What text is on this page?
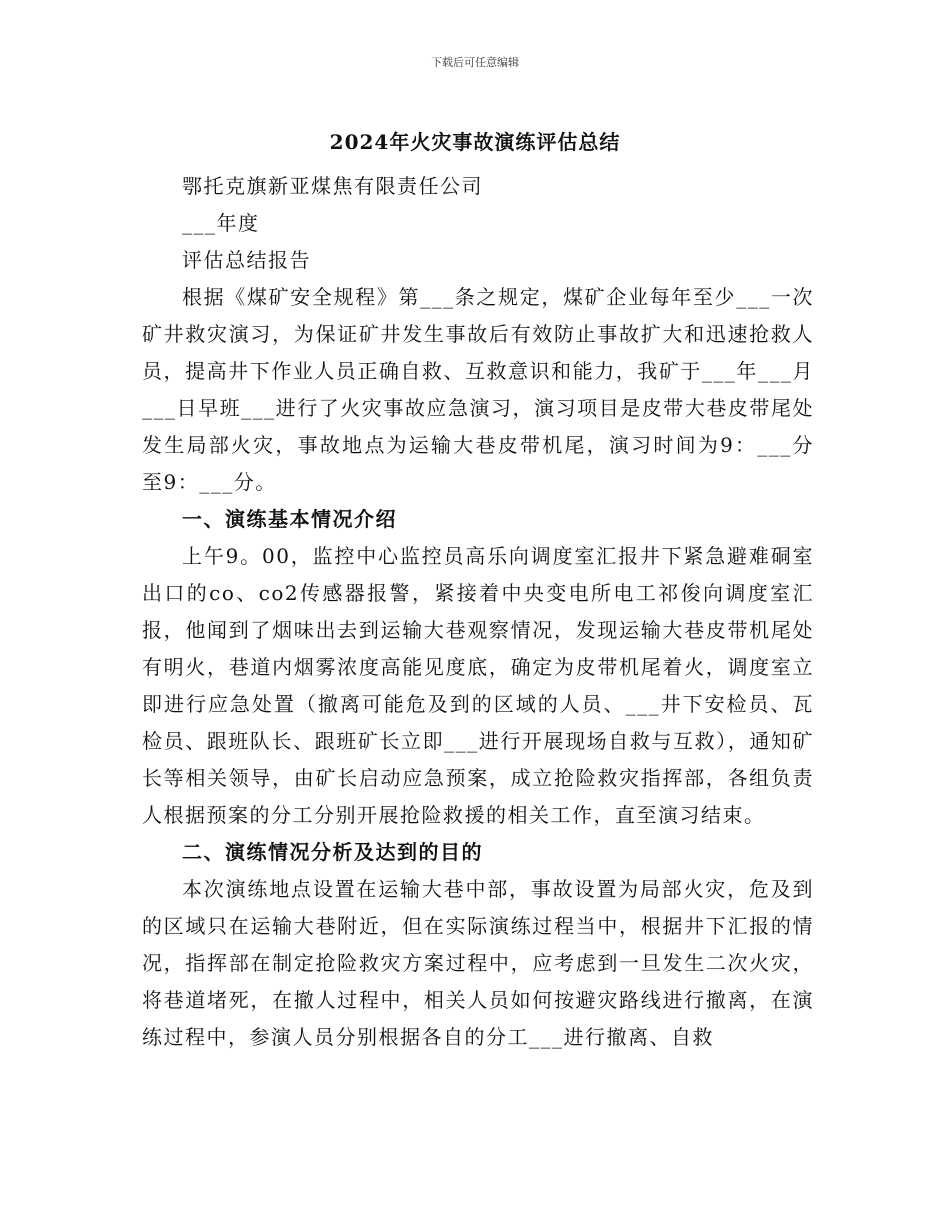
下载后可任意编辑
2024年火灾事故演练评估总结

鄂托克旗新亚煤焦有限责任公司

___年度

评估总结报告

根据《煤矿安全规程》第___条之规定，煤矿企业每年至少___一次矿井救灾演习，为保证矿井发生事故后有效防止事故扩大和迅速抢救人员，提高井下作业人员正确自救、互救意识和能力，我矿于___年___月___日早班___进行了火灾事故应急演习，演习项目是皮带大巷皮带尾处发生局部火灾，事故地点为运输大巷皮带机尾，演习时间为9：___分至9：___分。

一、演练基本情况介绍

上午9。00，监控中心监控员高乐向调度室汇报井下紧急避难硐室出口的co、co2传感器报警，紧接着中央变电所电工祁俊向调度室汇报，他闻到了烟味出去到运输大巷观察情况，发现运输大巷皮带机尾处有明火，巷道内烟雾浓度高能见度底，确定为皮带机尾着火，调度室立即进行应急处置（撤离可能危及到的区域的人员、___井下安检员、瓦检员、跟班队长、跟班矿长立即___进行开展现场自救与互救），通知矿长等相关领导，由矿长启动应急预案，成立抢险救灾指挥部，各组负责人根据预案的分工分别开展抢险救援的相关工作，直至演习结束。

二、演练情况分析及达到的目的

本次演练地点设置在运输大巷中部，事故设置为局部火灾，危及到的区域只在运输大巷附近，但在实际演练过程当中，根据井下汇报的情况，指挥部在制定抢险救灾方案过程中，应考虑到一旦发生二次火灾，将巷道堵死，在撤人过程中，相关人员如何按避灾路线进行撤离，在演练过程中，参演人员分别根据各自的分工___进行撤离、自救
